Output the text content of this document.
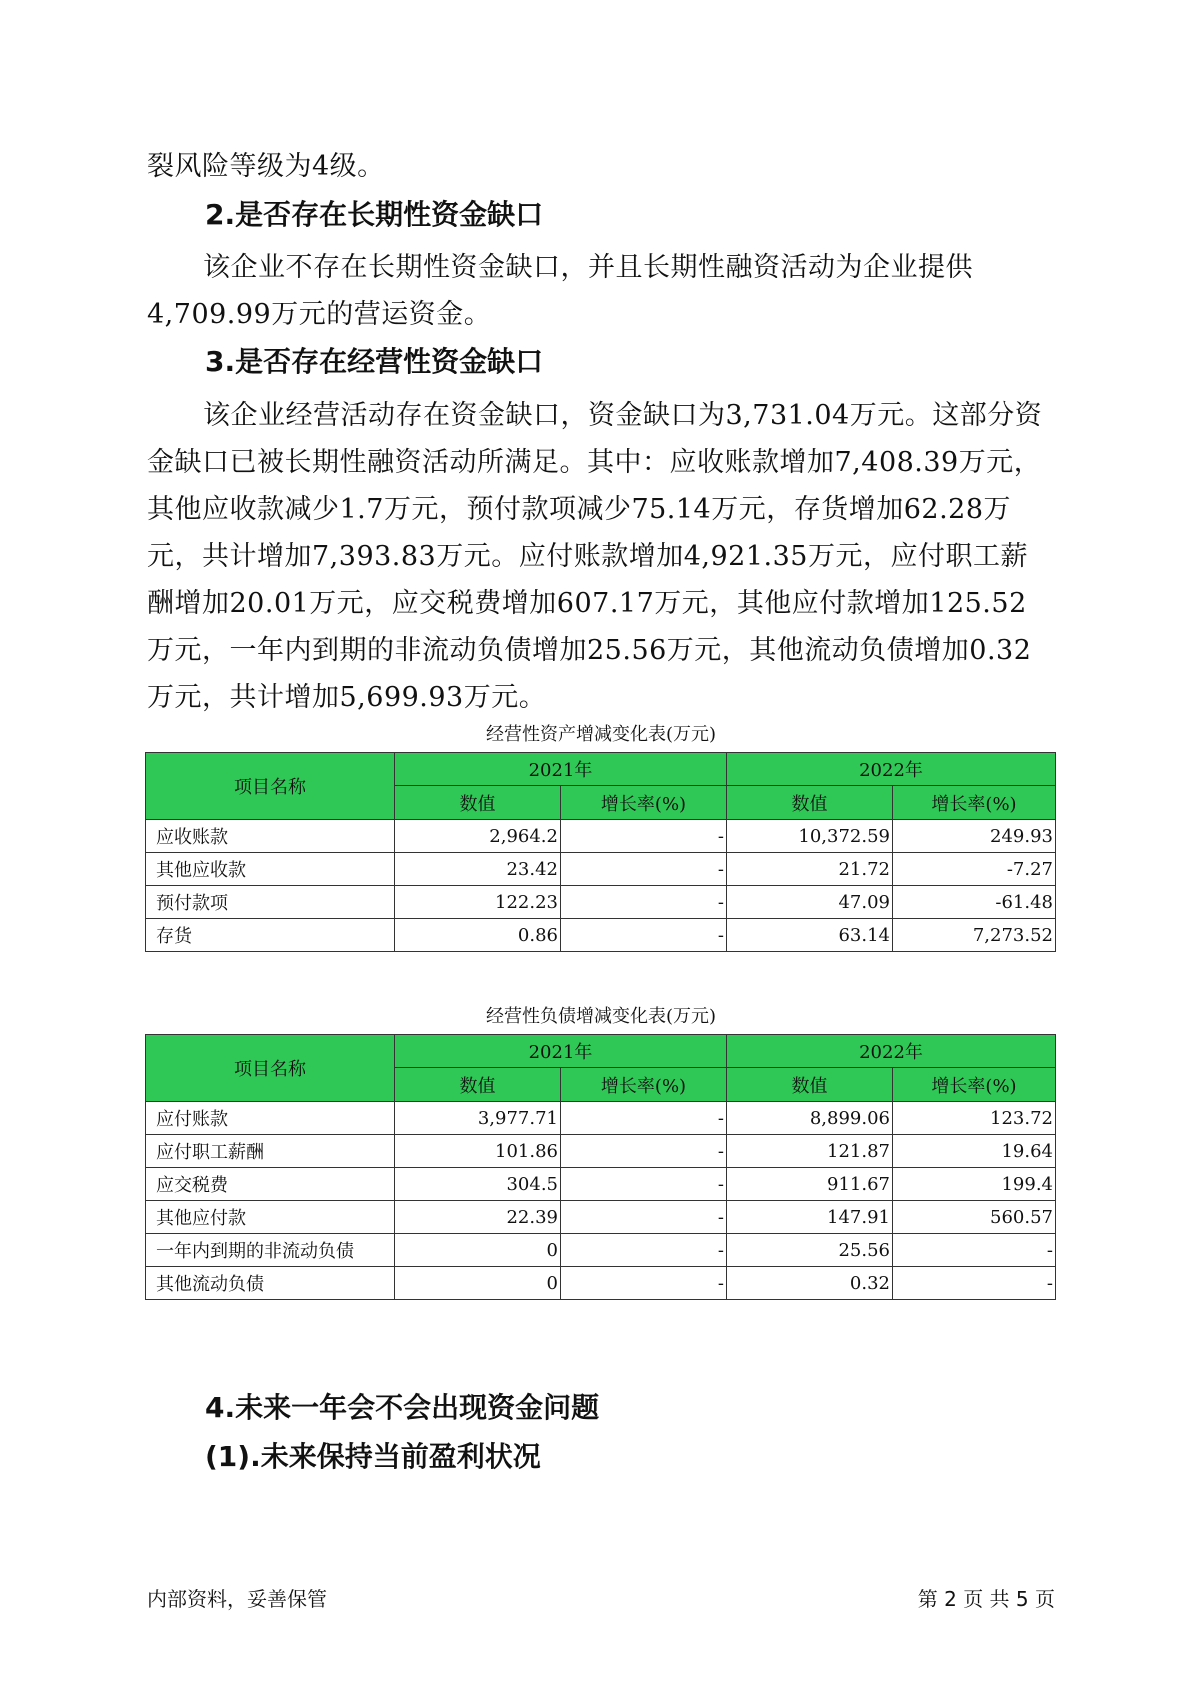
裂风险等级为4级。

2.是否存在长期性资金缺口

该企业不存在长期性资金缺口，并且长期性融资活动为企业提供4,709.99万元的营运资金。

3.是否存在经营性资金缺口

该企业经营活动存在资金缺口，资金缺口为3,731.04万元。这部分资金缺口已被长期性融资活动所满足。其中：应收账款增加7,408.39万元，其他应收款减少1.7万元，预付款项减少75.14万元，存货增加62.28万元，共计增加7,393.83万元。应付账款增加4,921.35万元，应付职工薪酬增加20.01万元，应交税费增加607.17万元，其他应付款增加125.52万元，一年内到期的非流动负债增加25.56万元，其他流动负债增加0.32万元，共计增加5,699.93万元。

经营性资产增减变化表(万元)

项目名称	2021年		2022年	
	数值	增长率(%)	数值	增长率(%)
应收账款	2,964.2	-	10,372.59	249.93
其他应收款	23.42	-	21.72	-7.27
预付款项	122.23	-	47.09	-61.48
存货	0.86	-	63.14	7,273.52

经营性负债增减变化表(万元)

项目名称	2021年		2022年	
	数值	增长率(%)	数值	增长率(%)
应付账款	3,977.71	-	8,899.06	123.72
应付职工薪酬	101.86	-	121.87	19.64
应交税费	304.5	-	911.67	199.4
其他应付款	22.39	-	147.91	560.57
一年内到期的非流动负债	0	-	25.56	-
其他流动负债	0	-	0.32	-
4.未来一年会不会出现资金问题
(1).未来保持当前盈利状况
内部资料，妥善保管	第 2 页 共 5 页
